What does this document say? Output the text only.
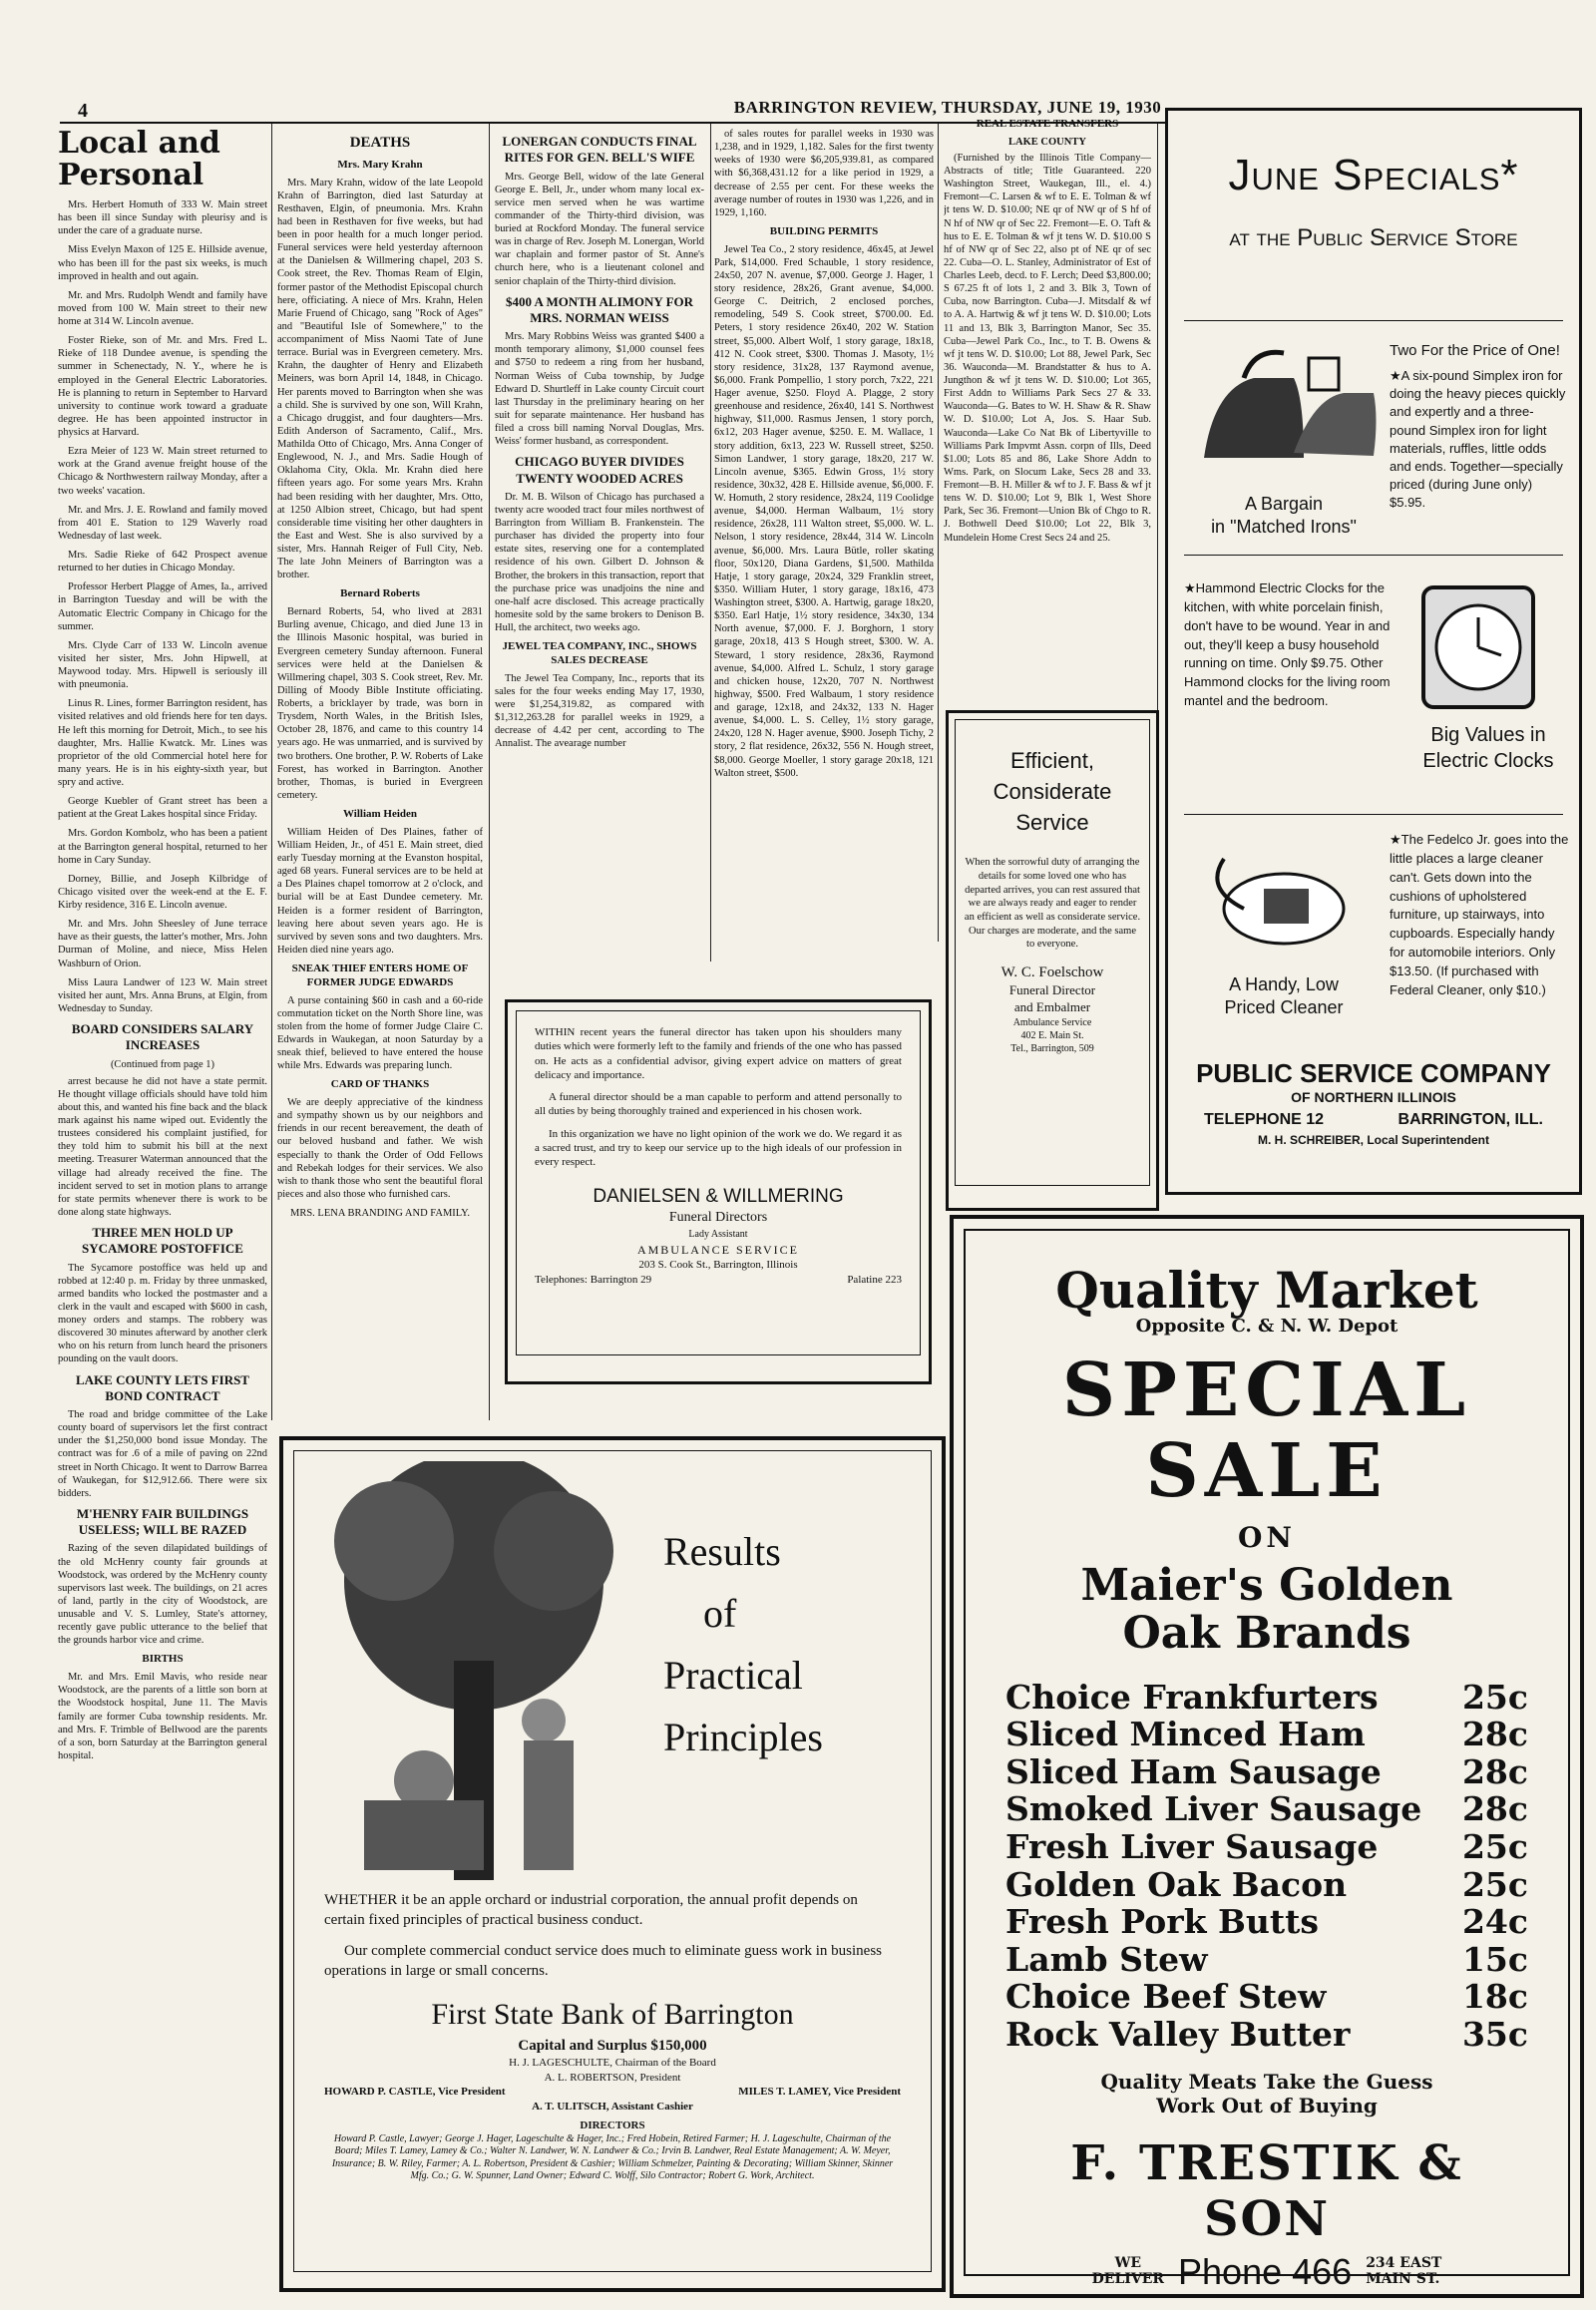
4	BARRINGTON REVIEW, THURSDAY, JUNE 19, 1930
Local and Personal

Mrs. Herbert Homuth of 333 W. Main street has been ill since Sunday with pleurisy and is under the care of a graduate nurse.

Miss Evelyn Maxon of 125 E. Hillside avenue, who has been ill for the past six weeks, is much improved in health and out again.

Mr. and Mrs. Rudolph Wendt and family have moved from 100 W. Main street to their new home at 314 W. Lincoln avenue.

Foster Rieke, son of Mr. and Mrs. Fred L. Rieke of 118 Dundee avenue, is spending the summer in Schenectady, N. Y., where he is employed in the General Electric Laboratories. He is planning to return in September to Harvard university to continue work toward a graduate degree. He has been appointed instructor in physics at Harvard.

Ezra Meier of 123 W. Main street returned to work at the Grand avenue freight house of the Chicago & Northwestern railway Monday, after a two weeks' vacation.

Mr. and Mrs. J. E. Rowland and family moved from 401 E. Station to 129 Waverly road Wednesday of last week.

Mrs. Sadie Rieke of 642 Prospect avenue returned to her duties in Chicago Monday.

Professor Herbert Plagge of Ames, Ia., arrived in Barrington Tuesday and will be with the Automatic Electric Company in Chicago for the summer.

Mrs. Clyde Carr of 133 W. Lincoln avenue visited her sister, Mrs. John Hipwell, at Maywood today. Mrs. Hipwell is seriously ill with pneumonia.

Linus R. Lines, former Barrington resident, has visited relatives and old friends here for ten days. He left this morning for Detroit, Mich., to see his daughter, Mrs. Hallie Kwatck. Mr. Lines was proprietor of the old Commercial hotel here for many years. He is in his eighty-sixth year, but spry and active.

George Kuebler of Grant street has been a patient at the Great Lakes hospital since Friday.

Mrs. Gordon Kombolz, who has been a patient at the Barrington general hospital, returned to her home in Cary Sunday.

Dorney, Billie, and Joseph Kilbridge of Chicago visited over the week-end at the E. F. Kirby residence, 316 E. Lincoln avenue.

Mr. and Mrs. John Sheesley of June terrace have as their guests, the latter's mother, Mrs. John Durman of Moline, and niece, Miss Helen Washburn of Orion.

Miss Laura Landwer of 123 W. Main street visited her aunt, Mrs. Anna Bruns, at Elgin, from Wednesday to Sunday.

BOARD CONSIDERS SALARY INCREASES
(Continued from page 1)

arrest because he did not have a state permit. He thought village officials should have told him about this, and wanted his fine back and the black mark against his name wiped out. Evidently the trustees considered his complaint justified, for they told him to submit his bill at the next meeting. Treasurer Waterman announced that the village had already received the fine. The incident served to set in motion plans to arrange for state permits whenever there is work to be done along state highways.

THREE MEN HOLD UP SYCAMORE POSTOFFICE

The Sycamore postoffice was held up and robbed at 12:40 p. m. Friday by three unmasked, armed bandits who locked the postmaster and a clerk in the vault and escaped with $600 in cash, money orders and stamps. The robbery was discovered 30 minutes afterward by another clerk who on his return from lunch heard the prisoners pounding on the vault doors.

LAKE COUNTY LETS FIRST BOND CONTRACT

The road and bridge committee of the Lake county board of supervisors let the first contract under the $1,250,000 bond issue Monday. The contract was for .6 of a mile of paving on 22nd street in North Chicago. It went to Darrow Barrea of Waukegan, for $12,912.66. There were six bidders.

M'HENRY FAIR BUILDINGS USELESS; WILL BE RAZED

Razing of the seven dilapidated buildings of the old McHenry county fair grounds at Woodstock, was ordered by the McHenry county supervisors last week. The buildings, on 21 acres of land, partly in the city of Woodstock, are unusable and V. S. Lumley, State's attorney, recently gave public utterance to the belief that the grounds harbor vice and crime.

BIRTHS

Mr. and Mrs. Emil Mavis, who reside near Woodstock, are the parents of a little son born at the Woodstock hospital, June 11. The Mavis family are former Cuba township residents. Mr. and Mrs. F. Trimble of Bellwood are the parents of a son, born Saturday at the Barrington general hospital.

DEATHS
Mrs. Mary Krahn

Mrs. Mary Krahn, widow of the late Leopold Krahn of Barrington, died last Saturday at Resthaven, Elgin, of pneumonia. Mrs. Krahn had been in Resthaven for five weeks, but had been in poor health for a much longer period. Funeral services were held yesterday afternoon at the Danielsen & Willmering chapel, 203 S. Cook street, the Rev. Thomas Ream of Elgin, former pastor of the Methodist Episcopal church here, officiating. A niece of Mrs. Krahn, Helen Marie Fruend of Chicago, sang "Rock of Ages" and "Beautiful Isle of Somewhere," to the accompaniment of Miss Naomi Tate of June terrace. Burial was in Evergreen cemetery. Mrs. Krahn, the daughter of Henry and Elizabeth Meiners, was born April 14, 1848, in Chicago. Her parents moved to Barrington when she was a child. She is survived by one son, Will Krahn, a Chicago druggist, and four daughters—Mrs. Edith Anderson of Sacramento, Calif., Mrs. Mathilda Otto of Chicago, Mrs. Anna Conger of Englewood, N. J., and Mrs. Sadie Hough of Oklahoma City, Okla. Mr. Krahn died here fifteen years ago. For some years Mrs. Krahn had been residing with her daughter, Mrs. Otto, at 1250 Albion street, Chicago, but had spent considerable time visiting her other daughters in the East and West. She is also survived by a sister, Mrs. Hannah Reiger of Full City, Neb. The late John Meiners of Barrington was a brother.

Bernard Roberts

Bernard Roberts, 54, who lived at 2831 Burling avenue, Chicago, and died June 13 in the Illinois Masonic hospital, was buried in Evergreen cemetery Sunday afternoon. Funeral services were held at the Danielsen & Willmering chapel, 303 S. Cook street, Rev. Mr. Dilling of Moody Bible Institute officiating. Roberts, a bricklayer by trade, was born in Trysdem, North Wales, in the British Isles, October 28, 1876, and came to this country 14 years ago. He was unmarried, and is survived by two brothers. One brother, P. W. Roberts of Lake Forest, has worked in Barrington. Another brother, Thomas, is buried in Evergreen cemetery.

William Heiden

William Heiden of Des Plaines, father of William Heiden, Jr., of 451 E. Main street, died early Tuesday morning at the Evanston hospital, aged 68 years. Funeral services are to be held at a Des Plaines chapel tomorrow at 2 o'clock, and burial will be at East Dundee cemetery. Mr. Heiden is a former resident of Barrington, leaving here about seven years ago. He is survived by seven sons and two daughters. Mrs. Heiden died nine years ago.

SNEAK THIEF ENTERS HOME OF FORMER JUDGE EDWARDS

A purse containing $60 in cash and a 60-ride commutation ticket on the North Shore line, was stolen from the home of former Judge Claire C. Edwards in Waukegan, at noon Saturday by a sneak thief, believed to have entered the house while Mrs. Edwards was preparing lunch.

CARD OF THANKS

We are deeply appreciative of the kindness and sympathy shown us by our neighbors and friends in our recent bereavement, the death of our beloved husband and father. We wish especially to thank the Order of Odd Fellows and Rebekah lodges for their services. We also wish to thank those who sent the beautiful floral pieces and also those who furnished cars.

MRS. LENA BRANDING AND FAMILY.
LONERGAN CONDUCTS FINAL RITES FOR GEN. BELL'S WIFE

Mrs. George Bell, widow of the late General George E. Bell, Jr., under whom many local ex-service men served when he was wartime commander of the Thirty-third division, was buried at Rockford Monday. The funeral service was in charge of Rev. Joseph M. Lonergan, World war chaplain and former pastor of St. Anne's church here, who is a lieutenant colonel and senior chaplain of the Thirty-third division.

$400 A MONTH ALIMONY FOR MRS. NORMAN WEISS

Mrs. Mary Robbins Weiss was granted $400 a month temporary alimony, $1,000 counsel fees and $750 to redeem a ring from her husband, Norman Weiss of Cuba township, by Judge Edward D. Shurtleff in Lake county Circuit court last Thursday in the preliminary hearing on her suit for separate maintenance. Her husband has filed a cross bill naming Norval Douglas, Mrs. Weiss' former husband, as correspondent.

CHICAGO BUYER DIVIDES TWENTY WOODED ACRES

Dr. M. B. Wilson of Chicago has purchased a twenty acre wooded tract four miles northwest of Barrington from William B. Frankenstein. The purchaser has divided the property into four estate sites, reserving one for a contemplated residence of his own. Gilbert D. Johnson & Brother, the brokers in this transaction, report that the purchase price was unadjoins the nine and one-half acre disclosed. This acreage practically homesite sold by the same brokers to Denison B. Hull, the architect, two weeks ago.

JEWEL TEA COMPANY, INC., SHOWS SALES DECREASE

The Jewel Tea Company, Inc., reports that its sales for the four weeks ending May 17, 1930, were $1,254,319.82, as compared with $1,312,263.28 for parallel weeks in 1929, a decrease of 4.42 per cent, according to The Annalist. The avearage number

of sales routes for parallel weeks in 1930 was 1,238, and in 1929, 1,182. Sales for the first twenty weeks of 1930 were $6,205,939.81, as compared with $6,368,431.12 for a like period in 1929, a decrease of 2.55 per cent. For these weeks the average number of routes in 1930 was 1,226, and in 1929, 1,160.

BUILDING PERMITS

Jewel Tea Co., 2 story residence, 46x45, at Jewel Park, $14,000. Fred Schauble, 1 story residence, 24x50, 207 N. avenue, $7,000. George J. Hager, 1 story residence, 28x26, Grant avenue, $4,000. George C. Deitrich, 2 enclosed porches, remodeling, 549 S. Cook street, $700.00. Ed. Peters, 1 story residence 26x40, 202 W. Station street, $5,000. Albert Wolf, 1 story garage, 18x18, 412 N. Cook street, $300. Thomas J. Masoty, 1½ story residence, 31x28, 137 Raymond avenue, $6,000. Frank Pompellio, 1 story porch, 7x22, 221 Hager avenue, $250. Floyd A. Plagge, 2 story greenhouse and residence, 26x40, 141 S. Northwest highway, $11,000. Rasmus Jensen, 1 story porch, 6x12, 203 Hager avenue, $250. E. M. Wallace, 1 story addition, 6x13, 223 W. Russell street, $250. Simon Landwer, 1 story garage, 18x20, 217 W. Lincoln avenue, $365. Edwin Gross, 1½ story residence, 30x32, 428 E. Hillside avenue, $6,000. F. W. Homuth, 2 story residence, 28x24, 119 Coolidge avenue, $4,000. Herman Walbaum, 1½ story residence, 26x28, 111 Walton street, $5,000. W. L. Nelson, 1 story residence, 28x44, 314 W. Lincoln avenue, $6,000. Mrs. Laura Bütle, roller skating floor, 50x120, Diana Gardens, $1,500. Mathilda Hatje, 1 story garage, 20x24, 329 Franklin street, $350. William Huter, 1 story garage, 18x16, 473 Washington street, $300. A. Hartwig, garage 18x20, $350. Earl Hatje, 1½ story residence, 34x30, 134 North avenue, $7,000. F. J. Borghorn, 1 story garage, 20x18, 413 S Hough street, $300. W. A. Steward, 1 story residence, 28x36, Raymond avenue, $4,000. Alfred L. Schulz, 1 story garage and chicken house, 12x20, 707 N. Northwest highway, $500. Fred Walbaum, 1 story residence and garage, 12x18, and 24x32, 133 N. Hager avenue, $4,000. L. S. Celley, 1½ story garage, 24x20, 128 N. Hager avenue, $900. Joseph Tichy, 2 story, 2 flat residence, 26x32, 556 N. Hough street, $8,000. George Moeller, 1 story garage 20x18, 121 Walton street, $500.

REAL ESTATE TRANSFERS
LAKE COUNTY

(Furnished by the Illinois Title Company—Abstracts of title; Title Guaranteed. 220 Washington Street, Waukegan, Ill., el. 4.) Fremont—C. Larsen & wf to E. E. Tolman & wf jt tens W. D. $10.00; NE qr of NW qr of S hf of N hf of NW qr of Sec 22. Fremont—E. O. Taft & hus to E. E. Tolman & wf jt tens W. D. $10.00 S hf of NW qr of Sec 22, also pt of NE qr of sec 22. Cuba—O. L. Stanley, Administrator of Est of Charles Leeb, decd. to F. Lerch; Deed $3,800.00; S 67.25 ft of lots 1, 2 and 3. Blk 3, Town of Cuba, now Barrington. Cuba—J. Mitsdalf & wf to A. A. Hartwig & wf jt tens W. D. $10.00; Lots 11 and 13, Blk 3, Barrington Manor, Sec 35. Cuba—Jewel Park Co., Inc., to T. B. Owens & wf jt tens W. D. $10.00; Lot 88, Jewel Park, Sec 36. Wauconda—M. Brandstatter & hus to A. Jungthon & wf jt tens W. D. $10.00; Lot 365, First Addn to Williams Park Secs 27 & 33. Wauconda—G. Bates to W. H. Shaw & R. Shaw W. D. $10.00; Lot A, Jos. S. Haar Sub. Wauconda—Lake Co Nat Bk of Libertyville to Williams Park Impvmt Assn. corpn of Ills, Deed $1.00; Lots 85 and 86, Lake Shore Addn to Wms. Park, on Slocum Lake, Secs 28 and 33. Fremont—B. H. Miller & wf to J. F. Bass & wf jt tens W. D. $10.00; Lot 9, Blk 1, West Shore Park, Sec 36. Fremont—Union Bk of Chgo to R. J. Bothwell Deed $10.00; Lot 22, Blk 3, Mundelein Home Crest Secs 24 and 25.

Efficient,
Considerate
Service

When the sorrowful duty of arranging the details for some loved one who has departed arrives, you can rest assured that we are always ready and eager to render an efficient as well as considerate service. Our charges are moderate, and the same to everyone.

W. C. Foelschow
Funeral Director
and Embalmer
Ambulance Service
402 E. Main St.
Tel., Barrington, 509

WITHIN recent years the funeral director has taken upon his shoulders many duties which were formerly left to the family and friends of the one who has passed on. He acts as a confidential advisor, giving expert advice on matters of great delicacy and importance.

A funeral director should be a man capable to perform and attend personally to all duties by being thoroughly trained and experienced in his chosen work.

In this organization we have no light opinion of the work we do. We regard it as a sacred trust, and try to keep our service up to the high ideals of our profession in every respect.

DANIELSEN & WILLMERING
Funeral Directors
Lady Assistant
AMBULANCE SERVICE
203 S. Cook St., Barrington, Illinois
Telephones: Barrington 29	Palatine 223
June Specials*
at the Public Service Store
A Bargain
in "Matched Irons"
Two For the Price of One!
★A six-pound Simplex iron for doing the heavy pieces quickly and expertly and a three-pound Simplex iron for light materials, ruffles, little odds and ends. Together—specially priced (during June only) $5.95.
★Hammond Electric Clocks for the kitchen, with white porcelain finish, don't have to be wound. Year in and out, they'll keep a busy household running on time. Only $9.75. Other Hammond clocks for the living room mantel and the bedroom.
Big Values in
Electric Clocks
A Handy, Low
Priced Cleaner
★The Fedelco Jr. goes into the little places a large cleaner can't. Gets down into the cushions of upholstered furniture, up stairways, into cupboards. Especially handy for automobile interiors. Only $13.50. (If purchased with Federal Cleaner, only $10.)
PUBLIC SERVICE COMPANY
OF NORTHERN ILLINOIS
TELEPHONE 12	BARRINGTON, ILL.
M. H. SCHREIBER, Local Superintendent
Quality Market
Opposite C. & N. W. Depot
SPECIAL
SALE
ON
Maier's Golden
Oak Brands
Choice Frankfurters	25c
Sliced Minced Ham	28c
Sliced Ham Sausage 28c
Smoked Liver Sausage 28c
Fresh Liver Sausage	25c
Golden Oak Bacon	25c
Fresh Pork Butts	24c
Lamb Stew	15c
Choice Beef Stew	18c
Rock Valley Butter	35c
Quality Meats Take the Guess
Work Out of Buying
F. TRESTIK & SON
WE
DELIVER Phone 466 234 EAST
MAIN ST.
Results
of
Practical
Principles

WHETHER it be an apple orchard or industrial corporation, the annual profit depends on certain fixed principles of practical business conduct.

Our complete commercial conduct service does much to eliminate guess work in business operations in large or small concerns.

First State Bank of Barrington
Capital and Surplus $150,000
H. J. LAGESCHULTE, Chairman of the Board
A. L. ROBERTSON, President
HOWARD P. CASTLE, Vice President	MILES T. LAMEY, Vice President
A. T. ULITSCH, Assistant Cashier
DIRECTORS
Howard P. Castle, Lawyer; George J. Hager, Lageschulte & Hager, Inc.; Fred Hobein, Retired Farmer; H. J. Lageschulte, Chairman of the Board; Miles T. Lamey, Lamey & Co.; Walter N. Landwer, W. N. Landwer & Co.; Irvin B. Landwer, Real Estate Management; A. W. Meyer, Insurance; B. W. Riley, Farmer; A. L. Robertson, President & Cashier; William Schmelzer, Painting & Decorating; William Skinner, Skinner Mfg. Co.; G. W. Spunner, Land Owner; Edward C. Wolff, Silo Contractor; Robert G. Work, Architect.
